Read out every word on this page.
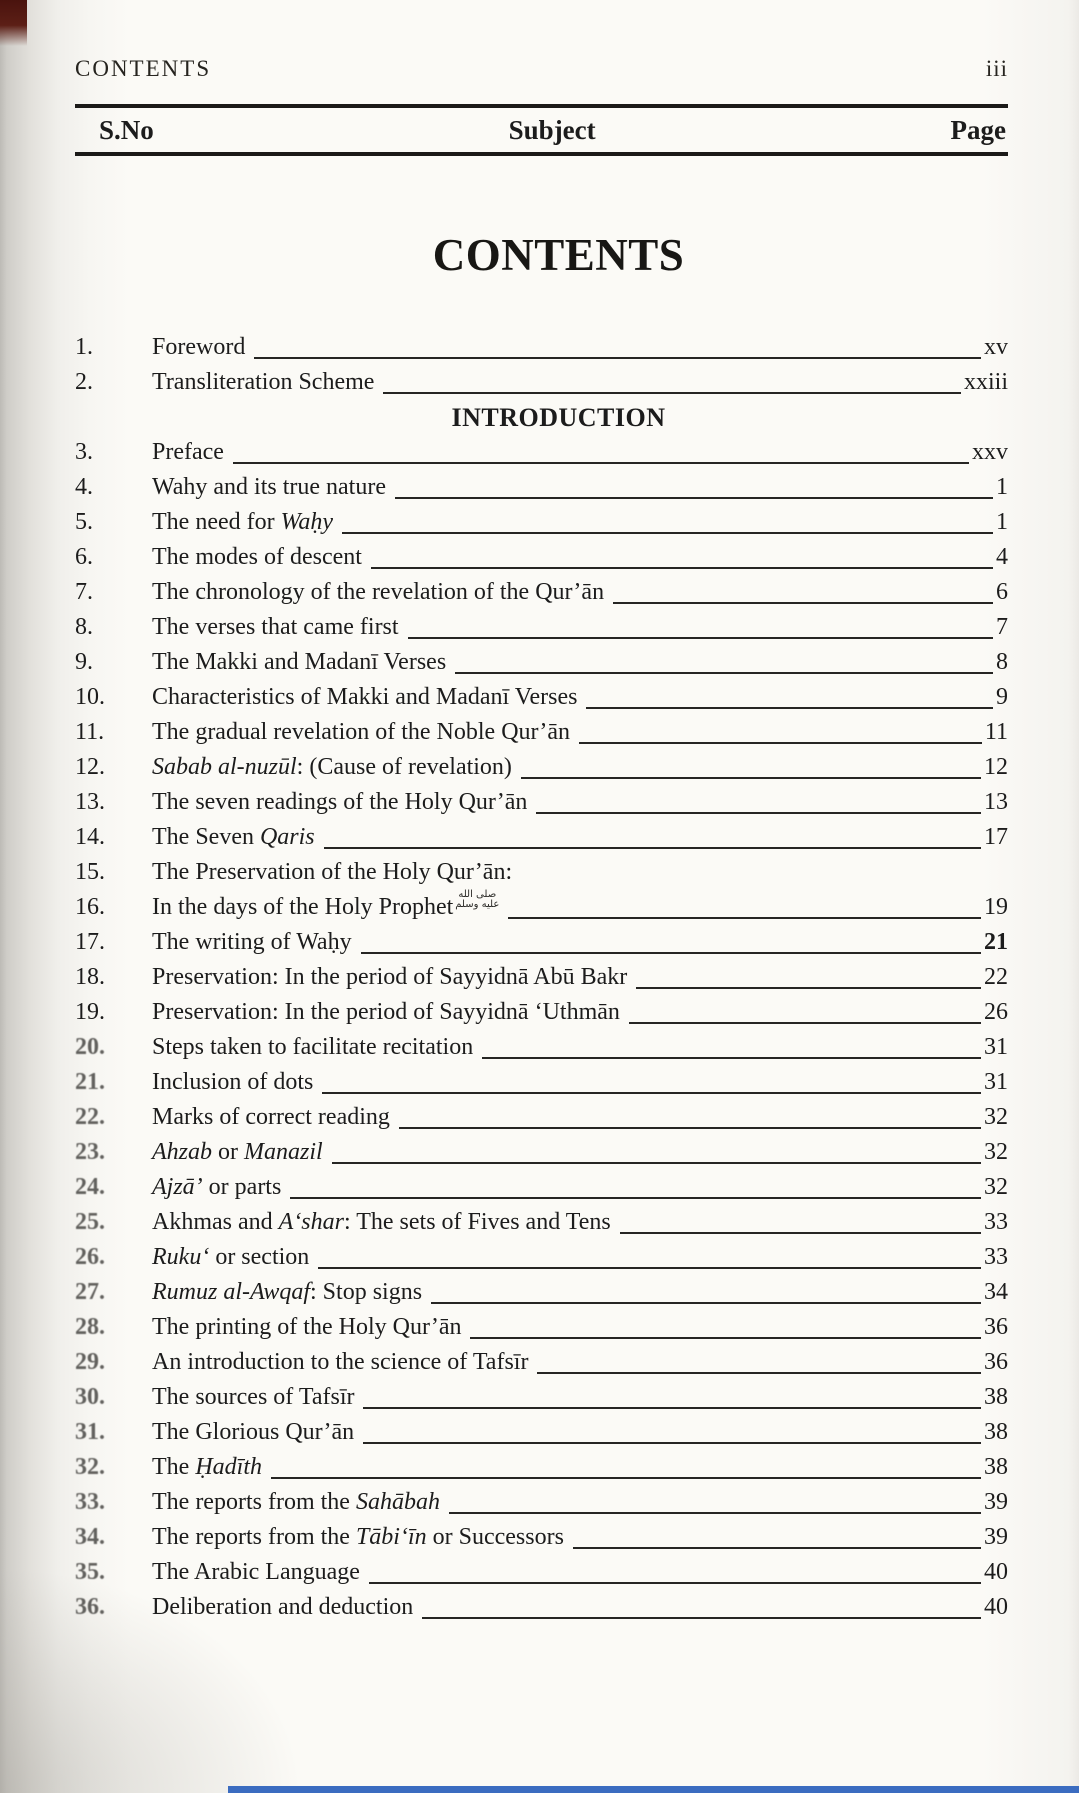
CONTENTS	iii
S.No	Subject	Page
CONTENTS
1.	Foreword	xv
2.	Transliteration Scheme	xxiii
INTRODUCTION
3.	Preface	xxv
4.	Wahy and its true nature	1
5.	The need for Waḥy	1
6.	The modes of descent	4
7.	The chronology of the revelation of the Qur’ān	6
8.	The verses that came first	7
9.	The Makki and Madanī Verses	8
10.	Characteristics of Makki and Madanī Verses	9
11.	The gradual revelation of the Noble Qur’ān	11
12.	Sabab al-nuzūl: (Cause of revelation)	12
13.	The seven readings of the Holy Qur’ān	13
14.	The Seven Qaris	17
15.	The Preservation of the Holy Qur’ān:
16.	In the days of the Holy Prophet صلى الله
عليه وسلم	19
17.	The writing of Waḥy	21
18.	Preservation: In the period of Sayyidnā Abū Bakr	22
19.	Preservation: In the period of Sayyidnā ‘Uthmān	26
20.	Steps taken to facilitate recitation	31
21.	Inclusion of dots	31
22.	Marks of correct reading	32
23.	Ahzab or Manazil	32
24.	Ajzā’ or parts	32
25.	Akhmas and A‘shar: The sets of Fives and Tens	33
26.	Ruku‘ or section	33
27.	Rumuz al-Awqaf: Stop signs	34
28.	The printing of the Holy Qur’ān	36
29.	An introduction to the science of Tafsīr	36
30.	The sources of Tafsīr	38
31.	The Glorious Qur’ān	38
32.	The Ḥadīth	38
33.	The reports from the Sahābah	39
34.	The reports from the Tābi‘īn or Successors	39
35.	The Arabic Language	40
36.	Deliberation and deduction	40
